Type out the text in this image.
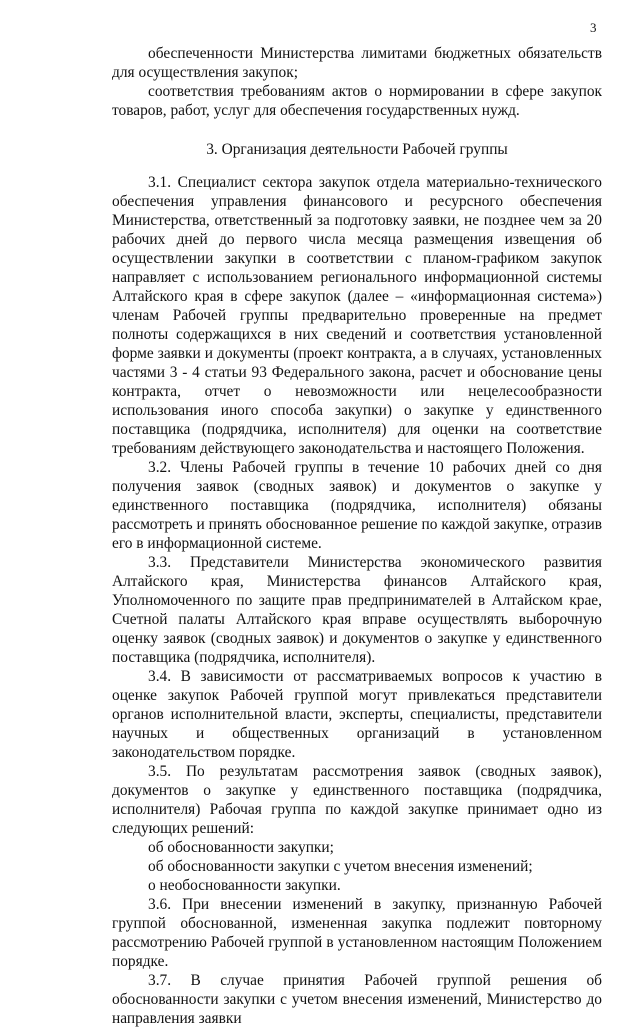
3

обеспеченности Министерства лимитами бюджетных обязательств для осуществления закупок;

соответствия требованиям актов о нормировании в сфере закупок товаров, работ, услуг для обеспечения государственных нужд.

3. Организация деятельности Рабочей группы

3.1. Специалист сектора закупок отдела материально-технического обеспечения управления финансового и ресурсного обеспечения Министерства, ответственный за подготовку заявки, не позднее чем за 20 рабочих дней до первого числа месяца размещения извещения об осуществлении закупки в соответствии с планом-графиком закупок направляет с использованием регионального информационной системы Алтайского края в сфере закупок (далее – «информационная система») членам Рабочей группы предварительно проверенные на предмет полноты содержащихся в них сведений и соответствия установленной форме заявки и документы (проект контракта, а в случаях, установленных частями 3 - 4 статьи 93 Федерального закона, расчет и обоснование цены контракта, отчет о невозможности или нецелесообразности использования иного способа закупки) о закупке у единственного поставщика (подрядчика, исполнителя) для оценки на соответствие требованиям действующего законодательства и настоящего Положения.

3.2. Члены Рабочей группы в течение 10 рабочих дней со дня получения заявок (сводных заявок) и документов о закупке у единственного поставщика (подрядчика, исполнителя) обязаны рассмотреть и принять обоснованное решение по каждой закупке, отразив его в информационной системе.

3.3. Представители Министерства экономического развития Алтайского края, Министерства финансов Алтайского края, Уполномоченного по защите прав предпринимателей в Алтайском крае, Счетной палаты Алтайского края вправе осуществлять выборочную оценку заявок (сводных заявок) и документов о закупке у единственного поставщика (подрядчика, исполнителя).

3.4. В зависимости от рассматриваемых вопросов к участию в оценке закупок Рабочей группой могут привлекаться представители органов исполнительной власти, эксперты, специалисты, представители научных и общественных организаций в установленном законодательством порядке.

3.5. По результатам рассмотрения заявок (сводных заявок), документов о закупке у единственного поставщика (подрядчика, исполнителя) Рабочая группа по каждой закупке принимает одно из следующих решений:

об обоснованности закупки;

об обоснованности закупки с учетом внесения изменений;

о необоснованности закупки.

3.6. При внесении изменений в закупку, признанную Рабочей группой обоснованной, измененная закупка подлежит повторному рассмотрению Рабочей группой в установленном настоящим Положением порядке.

3.7. В случае принятия Рабочей группой решения об обоснованности закупки с учетом внесения изменений, Министерство до направления заявки
